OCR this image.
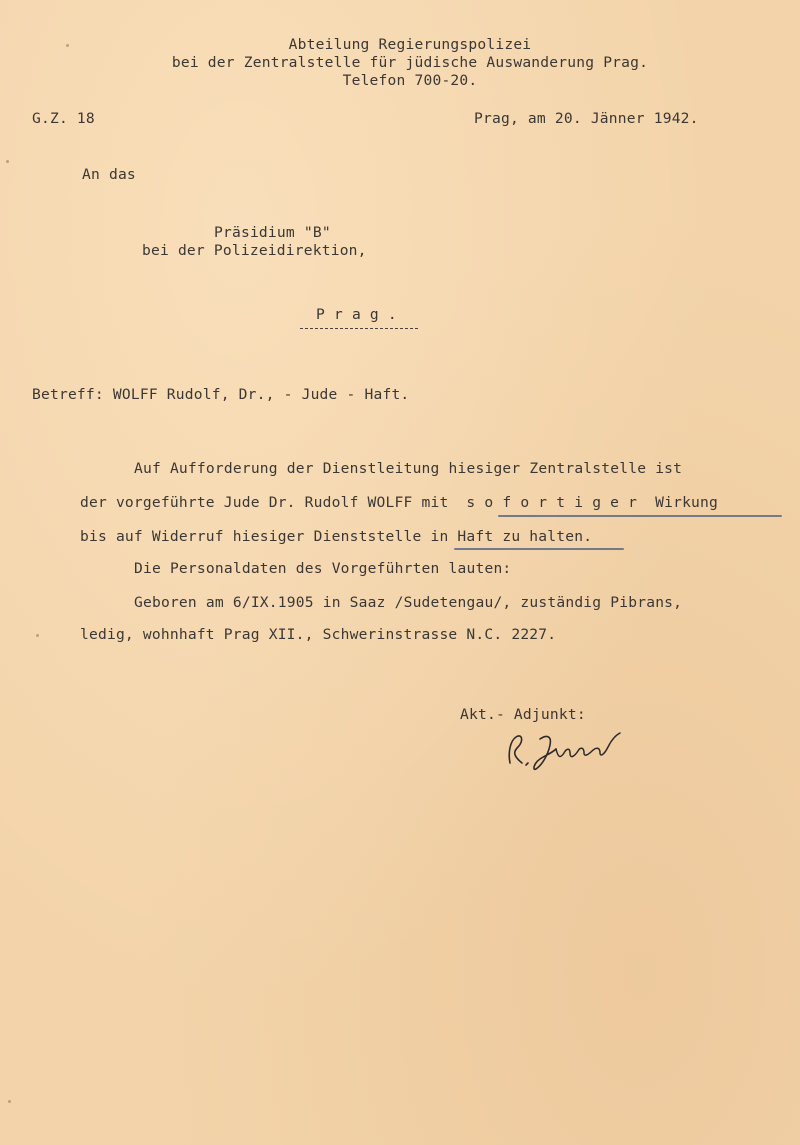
Abteilung Regierungspolizei
bei der Zentralstelle für jüdische Auswanderung Prag.
Telefon 700-20.
G.Z. 18	Prag, am 20. Jänner 1942.
An das
Präsidium "B"
bei der Polizeidirektion,
P r a g .
Betreff: WOLFF Rudolf, Dr., - Jude - Haft.
Auf Aufforderung der Dienstleitung hiesiger Zentralstelle ist
der vorgeführte Jude Dr. Rudolf WOLFF mit  s o f o r t i g e r  Wirkung
bis auf Widerruf hiesiger Dienststelle in Haft zu halten.
Die Personaldaten des Vorgeführten lauten:
Geboren am 6/IX.1905 in Saaz /Sudetengau/, zuständig Pibrans,
ledig, wohnhaft Prag XII., Schwerinstrasse N.C. 2227.
Akt.- Adjunkt:
